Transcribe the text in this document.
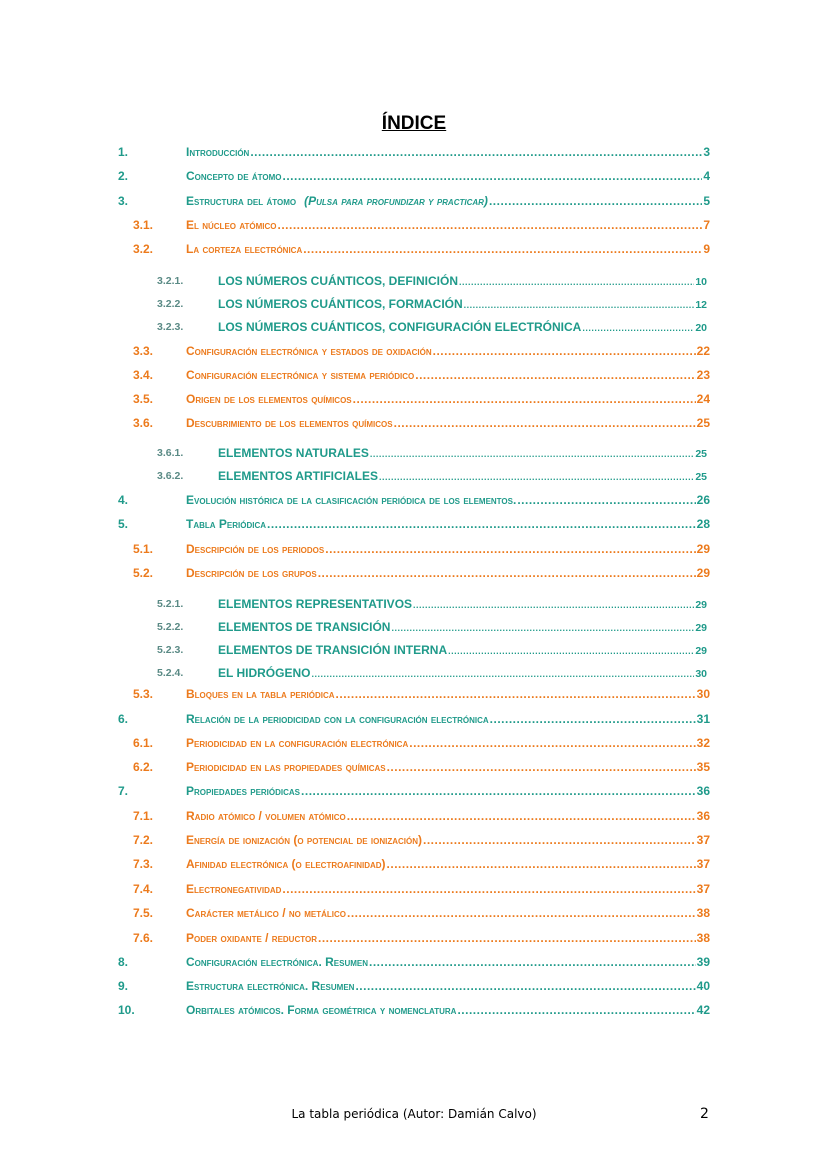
ÍNDICE
1.	Introducción .....	3
2.	Concepto de átomo .....	4
3.	Estructura del átomo (Pulsa para profundizar y practicar) .....	5
3.1.	El núcleo atómico .....	7
3.2.	La corteza electrónica .....	9
3.2.1.	LOS NÚMEROS CUÁNTICOS, DEFINICIÓN .....	10
3.2.2.	LOS NÚMEROS CUÁNTICOS, FORMACIÓN .....	12
3.2.3.	LOS NÚMEROS CUÁNTICOS, CONFIGURACIÓN ELECTRÓNICA .....	20
3.3.	Configuración electrónica y estados de oxidación .....	22
3.4.	Configuración electrónica y sistema periódico .....	23
3.5.	Origen de los elementos químicos .....	24
3.6.	Descubrimiento de los elementos químicos .....	25
3.6.1.	ELEMENTOS NATURALES .....	25
3.6.2.	ELEMENTOS ARTIFICIALES .....	25
4.	Evolución histórica de la clasificación periódica de los elementos. .....	26
5.	Tabla Periódica .....	28
5.1.	Descripción de los periodos .....	29
5.2.	Descripción de los grupos .....	29
5.2.1.	ELEMENTOS REPRESENTATIVOS .....	29
5.2.2.	ELEMENTOS DE TRANSICIÓN .....	29
5.2.3.	ELEMENTOS DE TRANSICIÓN INTERNA .....	29
5.2.4.	EL HIDRÓGENO .....	30
5.3.	Bloques en la tabla periódica .....	30
6.	Relación de la periodicidad con la configuración electrónica .....	31
6.1.	Periodicidad en la configuración electrónica .....	32
6.2.	Periodicidad en las propiedades químicas .....	35
7.	Propiedades periódicas .....	36
7.1.	Radio atómico / volumen atómico .....	36
7.2.	Energía de ionización (o potencial de ionización) .....	37
7.3.	Afinidad electrónica (o electroafinidad) .....	37
7.4.	Electronegatividad .....	37
7.5.	Carácter metálico / no metálico .....	38
7.6.	Poder oxidante / reductor .....	38
8.	Configuración electrónica. Resumen .....	39
9.	Estructura electrónica. Resumen .....	40
10.	Orbitales atómicos. Forma geométrica y nomenclatura .....	42
La tabla periódica (Autor: Damián Calvo)	2
